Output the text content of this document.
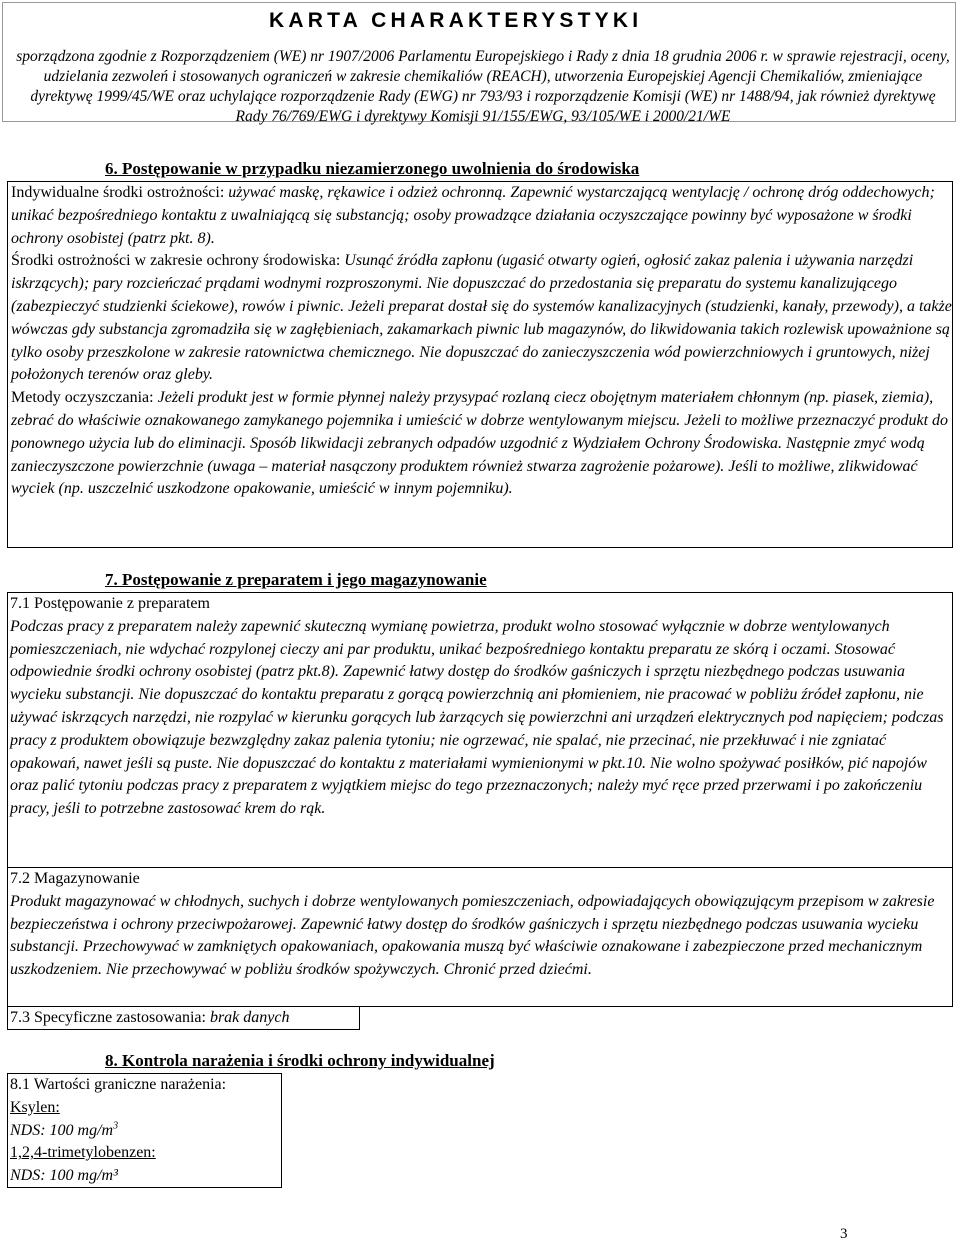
KARTA CHARAKTERYSTYKI
sporządzona zgodnie z Rozporządzeniem (WE) nr 1907/2006 Parlamentu Europejskiego i Rady z dnia 18 grudnia 2006 r. w sprawie rejestracji, oceny, udzielania zezwoleń i stosowanych ograniczeń w zakresie chemikaliów (REACH), utworzenia Europejskiej Agencji Chemikaliów, zmieniające dyrektywę 1999/45/WE oraz uchylające rozporządzenie Rady (EWG) nr 793/93 i rozporządzenie Komisji (WE) nr 1488/94, jak również dyrektywę Rady 76/769/EWG i dyrektywy Komisji 91/155/EWG, 93/105/WE i 2000/21/WE
6. Postępowanie w przypadku niezamierzonego uwolnienia do środowiska

Indywidualne środki ostrożności: używać maskę, rękawice i odzież ochronną. Zapewnić wystarczającą wentylację / ochronę dróg oddechowych; unikać bezpośredniego kontaktu z uwalniającą się substancją; osoby prowadzące działania oczyszczające powinny być wyposażone w środki ochrony osobistej (patrz pkt. 8).

Środki ostrożności w zakresie ochrony środowiska: Usunąć źródła zapłonu (ugasić otwarty ogień, ogłosić zakaz palenia i używania narzędzi iskrzących); pary rozcieńczać prądami wodnymi rozproszonymi. Nie dopuszczać do przedostania się preparatu do systemu kanalizującego (zabezpieczyć studzienki ściekowe), rowów i piwnic. Jeżeli preparat dostał się do systemów kanalizacyjnych (studzienki, kanały, przewody), a także wówczas gdy substancja zgromadziła się w zagłębieniach, zakamarkach piwnic lub magazynów, do likwidowania takich rozlewisk upoważnione są tylko osoby przeszkolone w zakresie ratownictwa chemicznego. Nie dopuszczać do zanieczyszczenia wód powierzchniowych i gruntowych, niżej położonych terenów oraz gleby.

Metody oczyszczania: Jeżeli produkt jest w formie płynnej należy przysypać rozlaną ciecz obojętnym materiałem chłonnym (np. piasek, ziemia), zebrać do właściwie oznakowanego zamykanego pojemnika i umieścić w dobrze wentylowanym miejscu. Jeżeli to możliwe przeznaczyć produkt do ponownego użycia lub do eliminacji. Sposób likwidacji zebranych odpadów uzgodnić z Wydziałem Ochrony Środowiska. Następnie zmyć wodą zanieczyszczone powierzchnie (uwaga – materiał nasączony produktem również stwarza zagrożenie pożarowe). Jeśli to możliwe, zlikwidować wyciek (np. uszczelnić uszkodzone opakowanie, umieścić w innym pojemniku).

7. Postępowanie z preparatem i jego magazynowanie
7.1 Postępowanie z preparatem
Podczas pracy z preparatem należy zapewnić skuteczną wymianę powietrza, produkt wolno stosować wyłącznie w dobrze wentylowanych pomieszczeniach, nie wdychać rozpylonej cieczy ani par produktu, unikać bezpośredniego kontaktu preparatu ze skórą i oczami. Stosować odpowiednie środki ochrony osobistej (patrz pkt.8). Zapewnić łatwy dostęp do środków gaśniczych i sprzętu niezbędnego podczas usuwania wycieku substancji. Nie dopuszczać do kontaktu preparatu z gorącą powierzchnią ani płomieniem, nie pracować w pobliżu źródeł zapłonu, nie używać iskrzących narzędzi, nie rozpylać w kierunku gorących lub żarzących się powierzchni ani urządzeń elektrycznych pod napięciem; podczas pracy z produktem obowiązuje bezwzględny zakaz palenia tytoniu; nie ogrzewać, nie spalać, nie przecinać, nie przekłuwać i nie zgniatać opakowań, nawet jeśli są puste. Nie dopuszczać do kontaktu z materiałami wymienionymi w pkt.10. Nie wolno spożywać posiłków, pić napojów oraz palić tytoniu podczas pracy z preparatem z wyjątkiem miejsc do tego przeznaczonych; należy myć ręce przed przerwami i po zakończeniu pracy, jeśli to potrzebne zastosować krem do rąk.
7.2 Magazynowanie
Produkt magazynować w chłodnych, suchych i dobrze wentylowanych pomieszczeniach, odpowiadających obowiązującym przepisom w zakresie bezpieczeństwa i ochrony przeciwpożarowej. Zapewnić łatwy dostęp do środków gaśniczych i sprzętu niezbędnego podczas usuwania wycieku substancji. Przechowywać w zamkniętych opakowaniach, opakowania muszą być właściwie oznakowane i zabezpieczone przed mechanicznym uszkodzeniem. Nie przechowywać w pobliżu środków spożywczych. Chronić przed dziećmi.
7.3 Specyficzne zastosowania: brak danych
8. Kontrola narażenia i środki ochrony indywidualnej
8.1 Wartości graniczne narażenia:
Ksylen:
NDS: 100 $mg/m^3$
1,2,4-trimetylobenzen:
NDS: 100 mg/m³
3
